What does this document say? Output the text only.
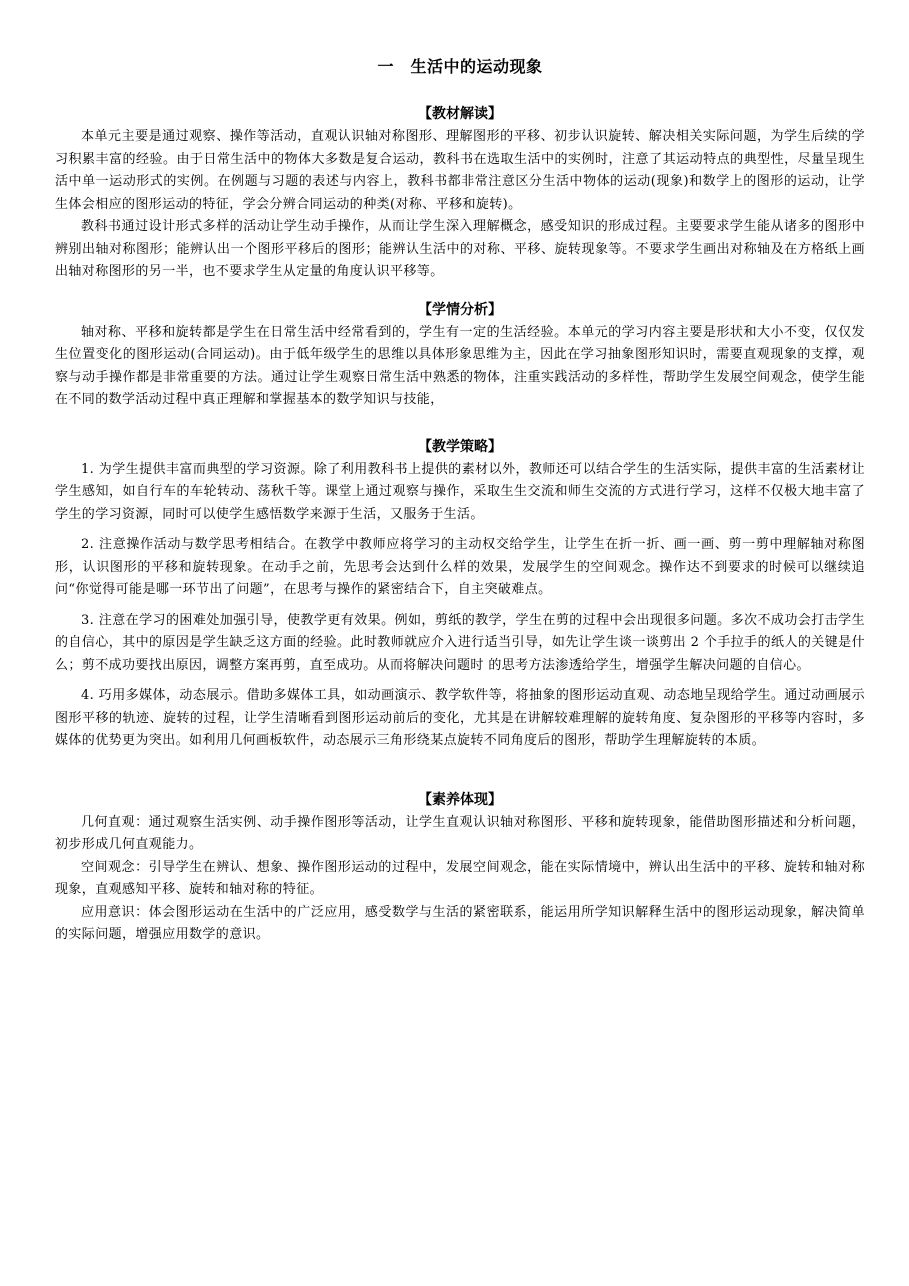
一　生活中的运动现象
【教材解读】

本单元主要是通过观察、操作等活动，直观认识轴对称图形、理解图形的平移、初步认识旋转、解决相关实际问题，为学生后续的学习积累丰富的经验。由于日常生活中的物体大多数是复合运动，教科书在选取生活中的实例时，注意了其运动特点的典型性，尽量呈现生活中单一运动形式的实例。在例题与习题的表述与内容上，教科书都非常注意区分生活中物体的运动(现象)和数学上的图形的运动，让学生体会相应的图形运动的特征，学会分辨合同运动的种类(对称、平移和旋转)。

教科书通过设计形式多样的活动让学生动手操作，从而让学生深入理解概念，感受知识的形成过程。主要要求学生能从诸多的图形中辨别出轴对称图形；能辨认出一个图形平移后的图形；能辨认生活中的对称、平移、旋转现象等。不要求学生画出对称轴及在方格纸上画出轴对称图形的另一半，也不要求学生从定量的角度认识平移等。

【学情分析】

轴对称、平移和旋转都是学生在日常生活中经常看到的，学生有一定的生活经验。本单元的学习内容主要是形状和大小不变，仅仅发生位置变化的图形运动(合同运动)。由于低年级学生的思维以具体形象思维为主，因此在学习抽象图形知识时，需要直观现象的支撑，观察与动手操作都是非常重要的方法。通过让学生观察日常生活中熟悉的物体，注重实践活动的多样性，帮助学生发展空间观念，使学生能在不同的数学活动过程中真正理解和掌握基本的数学知识与技能，

【教学策略】

1. 为学生提供丰富而典型的学习资源。除了利用教科书上提供的素材以外，教师还可以结合学生的生活实际，提供丰富的生活素材让学生感知，如自行车的车轮转动、荡秋千等。课堂上通过观察与操作，采取生生交流和师生交流的方式进行学习，这样不仅极大地丰富了学生的学习资源，同时可以使学生感悟数学来源于生活，又服务于生活。

2. 注意操作活动与数学思考相结合。在教学中教师应将学习的主动权交给学生，让学生在折一折、画一画、剪一剪中理解轴对称图形，认识图形的平移和旋转现象。在动手之前，先思考会达到什么样的效果，发展学生的空间观念。操作达不到要求的时候可以继续追问“你觉得可能是哪一环节出了问题”，在思考与操作的紧密结合下，自主突破难点。

3. 注意在学习的困难处加强引导，使教学更有效果。例如，剪纸的教学，学生在剪的过程中会出现很多问题。多次不成功会打击学生的自信心，其中的原因是学生缺乏这方面的经验。此时教师就应介入进行适当引导，如先让学生谈一谈剪出 2 个手拉手的纸人的关键是什么；剪不成功要找出原因，调整方案再剪，直至成功。从而将解决问题时 的思考方法渗透给学生，增强学生解决问题的自信心。

4. 巧用多媒体，动态展示。借助多媒体工具，如动画演示、教学软件等，将抽象的图形运动直观、动态地呈现给学生。通过动画展示图形平移的轨迹、旋转的过程，让学生清晰看到图形运动前后的变化，尤其是在讲解较难理解的旋转角度、复杂图形的平移等内容时，多媒体的优势更为突出。如利用几何画板软件，动态展示三角形绕某点旋转不同角度后的图形，帮助学生理解旋转的本质。

【素养体现】

几何直观：通过观察生活实例、动手操作图形等活动，让学生直观认识轴对称图形、平移和旋转现象，能借助图形描述和分析问题，初步形成几何直观能力。

空间观念：引导学生在辨认、想象、操作图形运动的过程中，发展空间观念，能在实际情境中，辨认出生活中的平移、旋转和轴对称现象，直观感知平移、旋转和轴对称的特征。

应用意识：体会图形运动在生活中的广泛应用，感受数学与生活的紧密联系，能运用所学知识解释生活中的图形运动现象，解决简单的实际问题，增强应用数学的意识。
